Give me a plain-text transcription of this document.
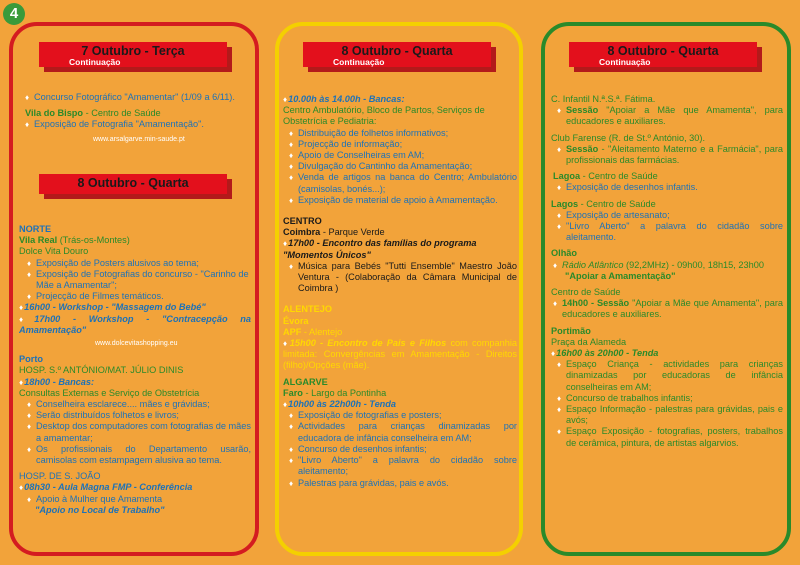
4
7 Outubro - Terça
Continuação
♦ Concurso Fotográfico "Amamentar" (1/09 a 6/11).
Vila do Bispo - Centro de Saúde
♦ Exposição de Fotografia "Amamentação".
www.arsalgarve.min-saude.pt
8 Outubro - Quarta
NORTE
Vila Real (Trás-os-Montes)
Dolce Vita Douro
♦ Exposição de Posters alusivos ao tema;
♦ Exposição de Fotografias do concurso - "Carinho de Mãe a Amamentar";
♦ Projecção de Filmes temáticos.
♦ 16h00 - Workshop - "Massagem do Bebé"
♦ 17h00 - Workshop - "Contracepção na Amamentação"
www.dolcevitashopping.eu
Porto
HOSP. S.º ANTÓNIO/MAT. JÚLIO DINIS
♦ 18h00 - Bancas:
Consultas Externas e Serviço de Obstetrícia
♦ Conselheira esclarece.... mães e grávidas;
♦ Serão distribuídos folhetos e livros;
♦ Desktop dos computadores com fotografias de mães a amamentar;
♦ Os profissionais do Departamento usarão, camisolas com estampagem alusiva ao tema.
HOSP. DE S. JOÃO
♦ 08h30 - Aula Magna FMP - Conferência
♦ Apoio à Mulher que Amamenta
"Apoio no Local de Trabalho"
8 Outubro - Quarta
Continuação
♦ 10.00h às 14.00h - Bancas:
Centro Ambulatório, Bloco de Partos, Serviços de Obstetrícia e Pediatria:
♦ Distribuição de folhetos informativos;
♦ Projecção de informação;
♦ Apoio de Conselheiras em AM;
♦ Divulgação do Cantinho da Amamentação;
♦ Venda de artigos na banca do Centro; Ambulatório (camisolas, bonés...);
♦ Exposição de material de apoio à Amamentação.
CENTRO
Coimbra - Parque Verde
♦ 17h00 - Encontro das famílias do programa "Momentos Únicos"
♦ Música para Bebés "Tutti Ensemble" Maestro João Ventura - (Colaboração da Câmara Municipal de Coimbra )
ALENTEJO
Évora
APF - Alentejo
♦ 15h00 - Encontro de Pais e Filhos com companhia limitada: Convergências em Amamentação - Direitos (filho)/Opções (mãe).
ALGARVE
Faro - Largo da Pontinha
♦ 10h00 às 22h00h - Tenda
♦ Exposição de fotografias e posters;
♦ Actividades para crianças dinamizadas por educadora de infância conselheira em AM;
♦ Concurso de desenhos infantis;
♦ "Livro Aberto" a palavra do cidadão sobre aleitamento;
♦ Palestras para grávidas, pais e avós.
8 Outubro - Quarta
Continuação
C. Infantil N.ª.S.ª. Fátima.
♦ Sessão "Apoiar a Mãe que Amamenta", para educadores e auxiliares.
Club Farense (R. de St.º António, 30).
♦ Sessão - "Aleitamento Materno e a Farmácia", para profissionais das farmácias.
Lagoa - Centro de Saúde
♦ Exposição de desenhos infantis.
Lagos - Centro de Saúde
♦ Exposição de artesanato;
♦ "Livro Aberto" a palavra do cidadão sobre aleitamento.
Olhão
♦ Rádio Atlântico (92,2MHz) - 09h00, 18h15, 23h00
"Apoiar a Amamentação"
Centro de Saúde
♦ 14h00 - Sessão "Apoiar a Mãe que Amamenta", para educadores e auxiliares.
Portimão
Praça da Alameda
♦ 16h00 às 20h00 - Tenda
♦ Espaço Criança - actividades para crianças dinamizadas por educadoras de infância conselheiras em AM;
♦ Concurso de trabalhos infantis;
♦ Espaço Informação - palestras para grávidas, pais e avós;
♦ Espaço Exposição - fotografias, posters, trabalhos de cerâmica, pintura, de artistas algarvios.
